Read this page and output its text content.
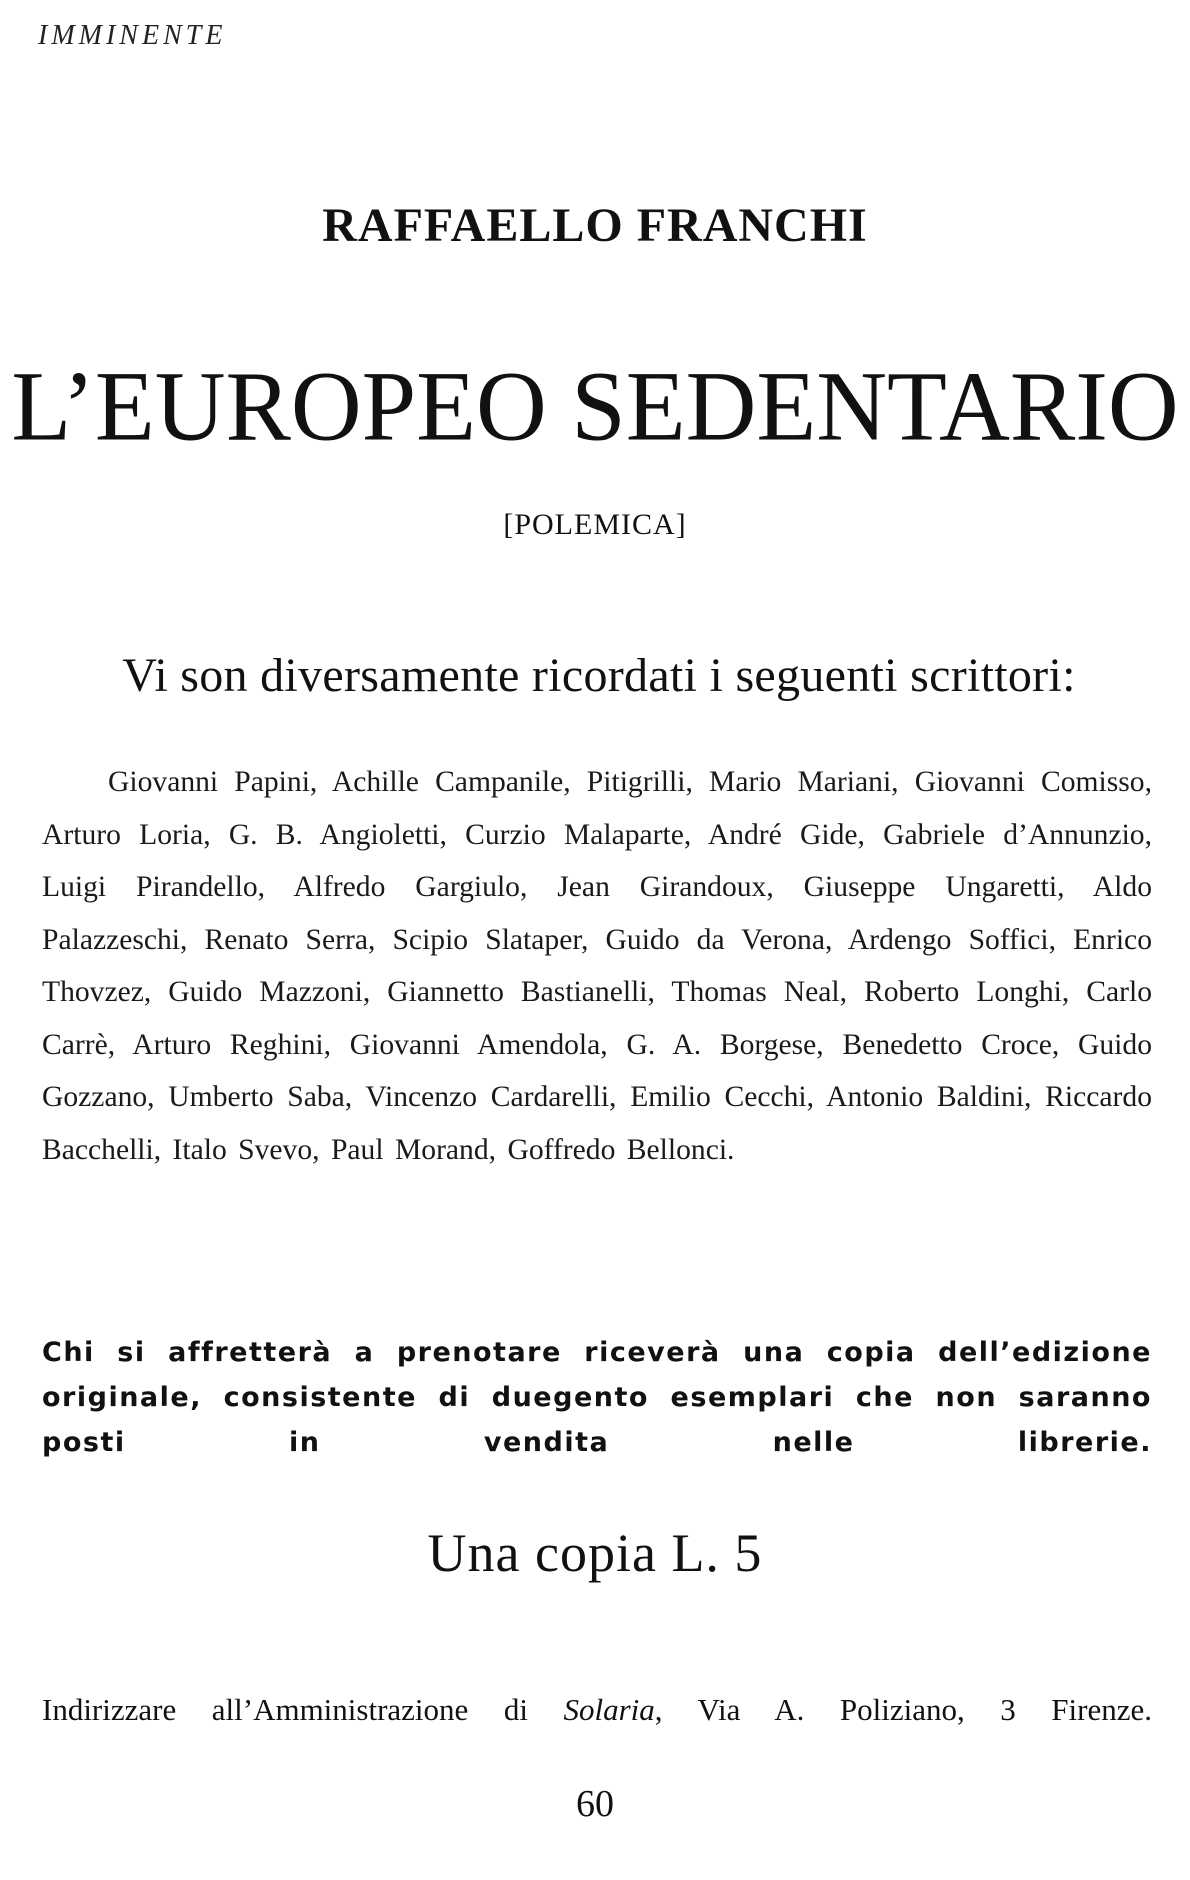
IMMINENTE
RAFFAELLO FRANCHI
L’EUROPEO SEDENTARIO
[POLEMICA]
Vi son diversamente ricordati i seguenti scrittori:
Giovanni Papini, Achille Campanile, Pitigrilli, Mario Mariani, Giovanni Comisso, Arturo Loria, G. B. Angioletti, Curzio Malaparte, André Gide, Gabriele d’Annunzio, Luigi Pirandello, Alfredo Gargiulo, Jean Girandoux, Giuseppe Ungaretti, Aldo Palazzeschi, Renato Serra, Scipio Slataper, Guido da Verona, Ardengo Soffici, Enrico Thovzez, Guido Mazzoni, Giannetto Bastianelli, Thomas Neal, Roberto Longhi, Carlo Carrè, Arturo Reghini, Giovanni Amendola, G. A. Borgese, Benedetto Croce, Guido Gozzano, Umberto Saba, Vincenzo Cardarelli, Emilio Cecchi, Antonio Baldini, Riccardo Bacchelli, Italo Svevo, Paul Morand, Goffredo Bellonci.
Chi si affretterà a prenotare riceverà una copia dell’edizione originale, consistente di duegento esemplari che non saranno posti in vendita nelle librerie.
Una copia L. 5
Indirizzare all’Amministrazione di Solaria, Via A. Poliziano, 3 Firenze.
60
